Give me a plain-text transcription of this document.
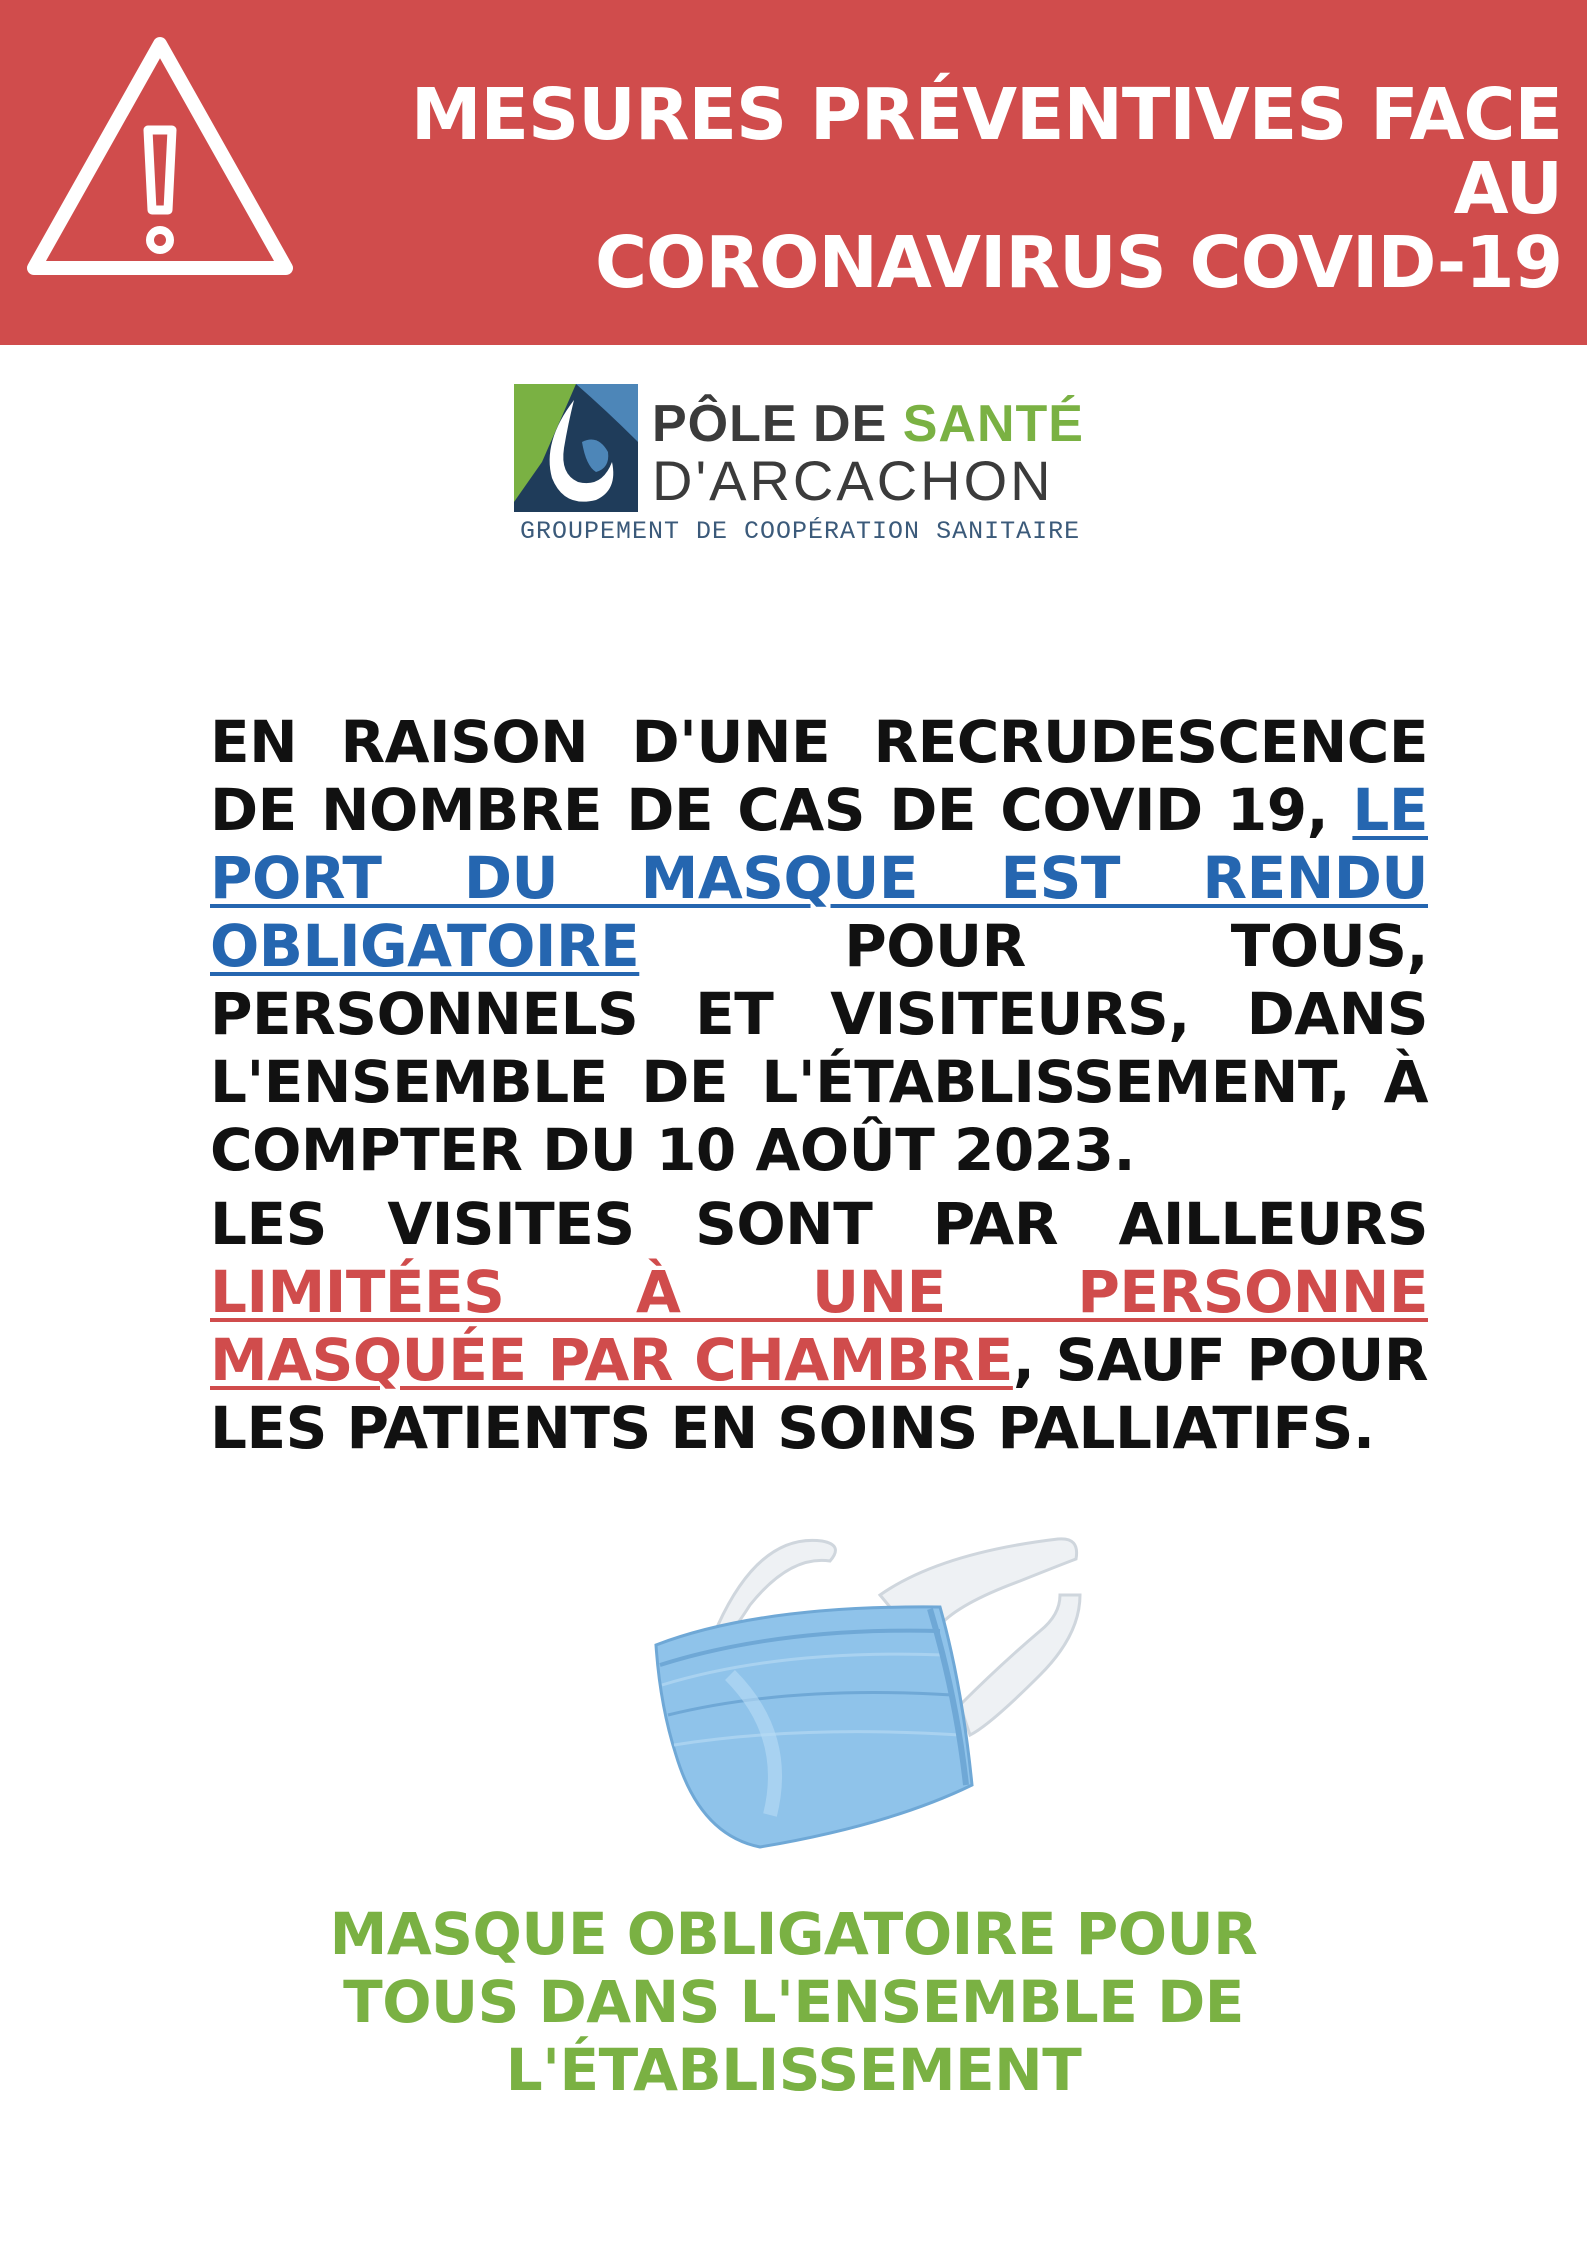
MESURES PRÉVENTIVES FACE AU
CORONAVIRUS COVID-19
PÔLE DE SANTÉ
D'ARCACHON
GROUPEMENT DE COOPÉRATION SANITAIRE
EN RAISON D'UNE RECRUDESCENCE DE NOMBRE DE CAS DE COVID 19, LE PORT DU MASQUE EST RENDU OBLIGATOIRE POUR TOUS, PERSONNELS ET VISITEURS, DANS L'ENSEMBLE DE L'ÉTABLISSEMENT, À COMPTER DU 10 AOÛT 2023.
LES VISITES SONT PAR AILLEURS LIMITÉES À UNE PERSONNE MASQUÉE PAR CHAMBRE, SAUF POUR LES PATIENTS EN SOINS PALLIATIFS.
MASQUE OBLIGATOIRE POUR
TOUS DANS L'ENSEMBLE DE
L'ÉTABLISSEMENT
